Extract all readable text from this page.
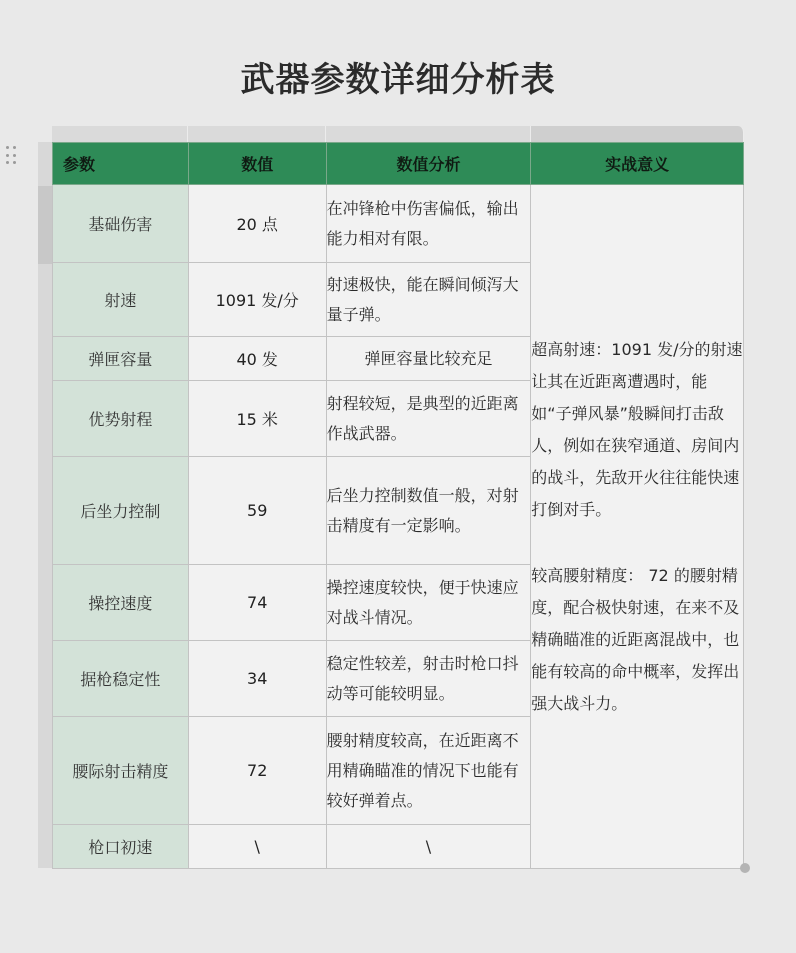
武器参数详细分析表
参数	数值	数值分析	实战意义
基础伤害	20 点	在冲锋枪中伤害偏低，输出能力相对有限。	超高射速：1091 发/分的射速让其在近距离遭遇时，能如“子弹风暴”般瞬间打击敌人，例如在狭窄通道、房间内的战斗，先敌开火往往能快速打倒对手。

较高腰射精度： 72 的腰射精度，配合极快射速，在来不及精确瞄准的近距离混战中，也能有较高的命中概率，发挥出强大战斗力。

射速	1091 发/分	射速极快，能在瞬间倾泻大量子弹。	
弹匣容量	40 发	弹匣容量比较充足	
优势射程	15 米	射程较短，是典型的近距离作战武器。	
后坐力控制	59	后坐力控制数值一般，对射击精度有一定影响。	
操控速度	74	操控速度较快，便于快速应对战斗情况。	
据枪稳定性	34	稳定性较差，射击时枪口抖动等可能较明显。	
腰际射击精度	72	腰射精度较高，在近距离不用精确瞄准的情况下也能有较好弹着点。	
枪口初速	\	\	
